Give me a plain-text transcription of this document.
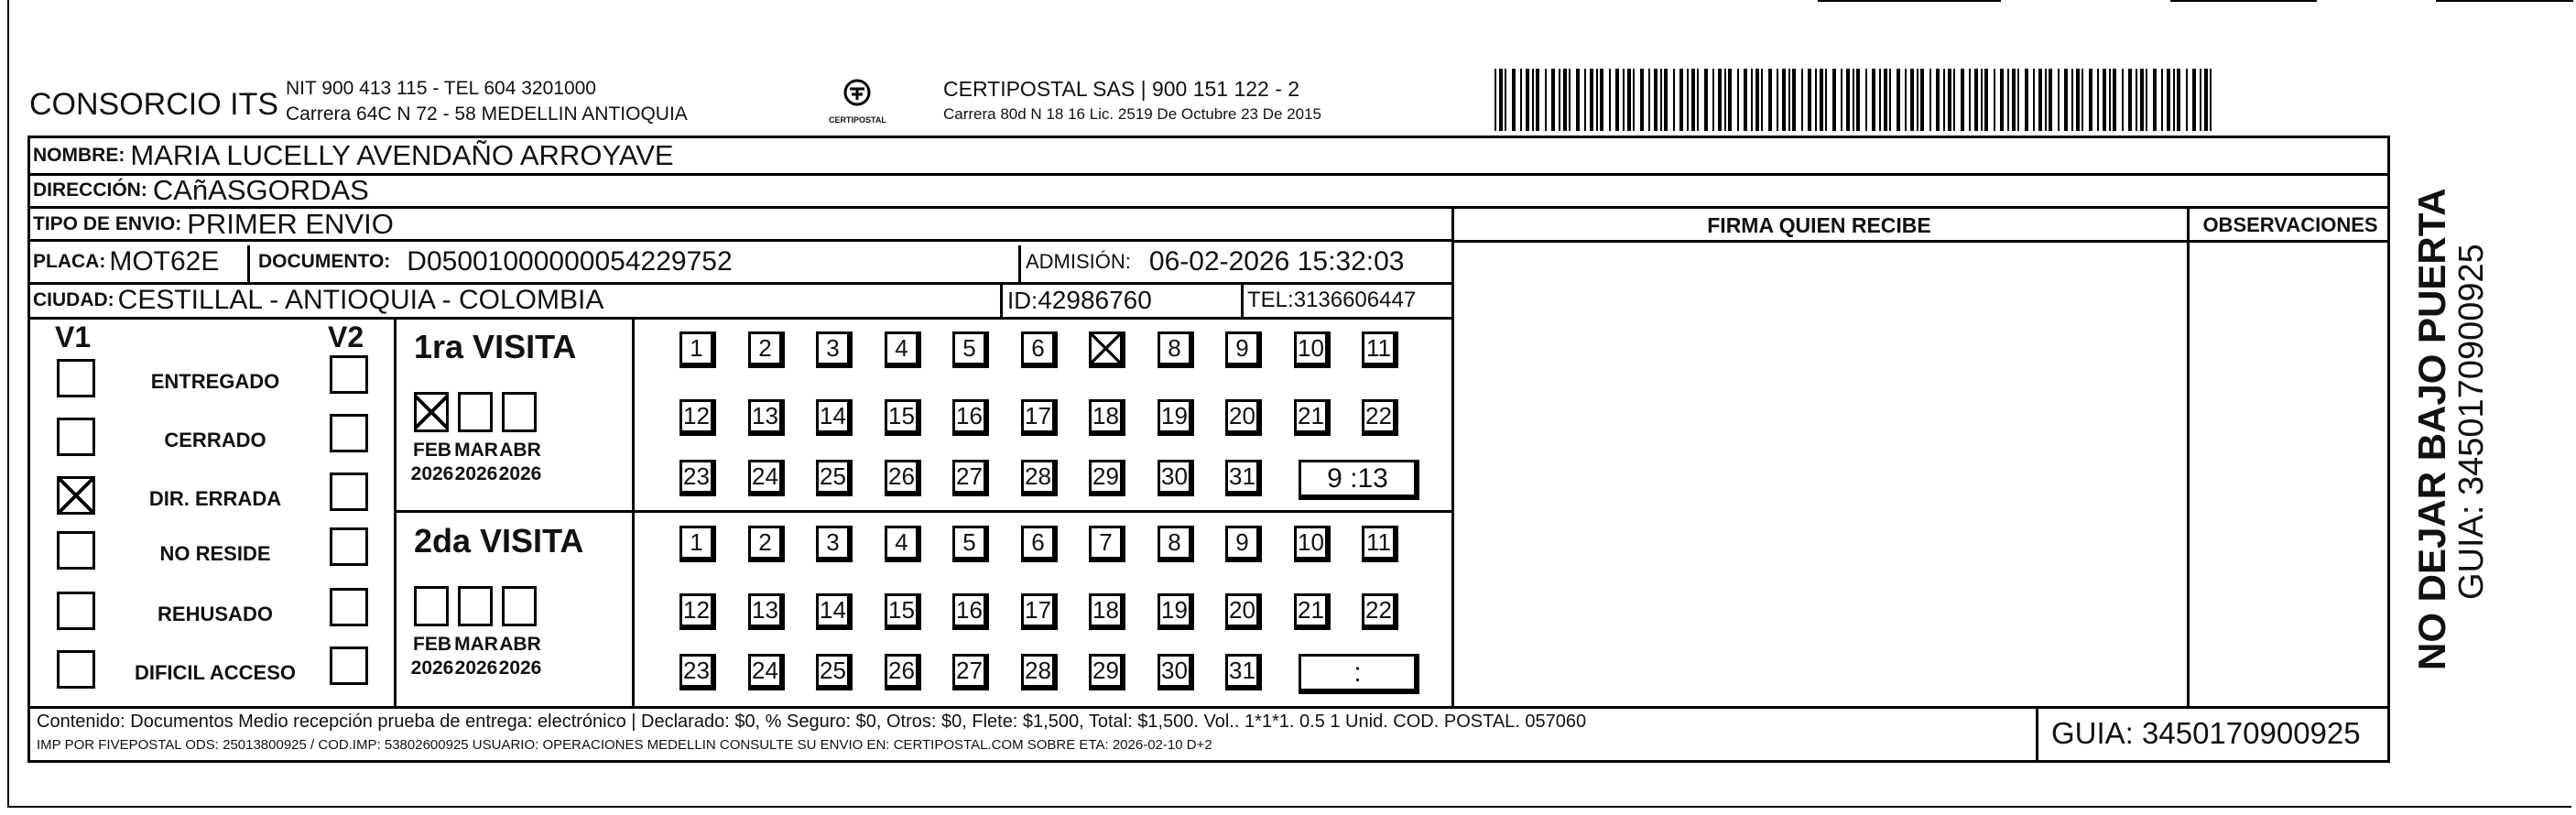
CONSORCIO ITS NIT 900 413 115 - TEL 604 3201000
Carrera 64C N 72 - 58 MEDELLIN ANTIOQUIA	CERTIPOSTAL
CERTIPOSTAL SAS | 900 151 122 - 2
Carrera 80d N 18 16 Lic. 2519 De Octubre 23 De 2015
NOMBRE: MARIA LUCELLY AVENDAÑO ARROYAVE
DIRECCIÓN: CAñASGORDAS
TIPO DE ENVIO: PRIMER ENVIO	FIRMA QUIEN RECIBE	OBSERVACIONES
PLACA: MOT62E DOCUMENTO: D05001000000054229752	ADMISIÓN: 06-02-2026 15:32:03
CIUDAD: CESTILLAL - ANTIOQUIA - COLOMBIA	ID: 42986760	TEL: 3136606447
V1	V2
ENTREGADO
CERRADO
DIR. ERRADA
NO RESIDE
REHUSADO
DIFICIL ACCESO
1ra VISITA
FEB
2026
MAR
2026
ABR
2026
1 2 3 4 5 6	8 9 10 11
12 13 14 15 16 17 18 19 20 21 22
23 24 25 26 27 28 29 30 31	9 :13
2da VISITA
FEB
2026
MAR
2026
ABR
2026
1 2 3 4 5 6 7 8 9 10 11
12 13 14 15 16 17 18 19 20 21 22
23 24 25 26 27 28 29 30 31	:
Contenido: Documentos Medio recepción prueba de entrega: electrónico | Declarado: $0, % Seguro: $0, Otros: $0, Flete: $1,500, Total: $1,500. Vol.. 1*1*1. 0.5 1 Unid. COD. POSTAL. 057060
IMP POR FIVEPOSTAL ODS: 25013800925 / COD.IMP: 53802600925 USUARIO: OPERACIONES MEDELLIN CONSULTE SU ENVIO EN: CERTIPOSTAL.COM SOBRE ETA: 2026-02-10 D+2	GUIA: 3450170900925
NO DEJAR BAJO PUERTA GUIA: 3450170900925
